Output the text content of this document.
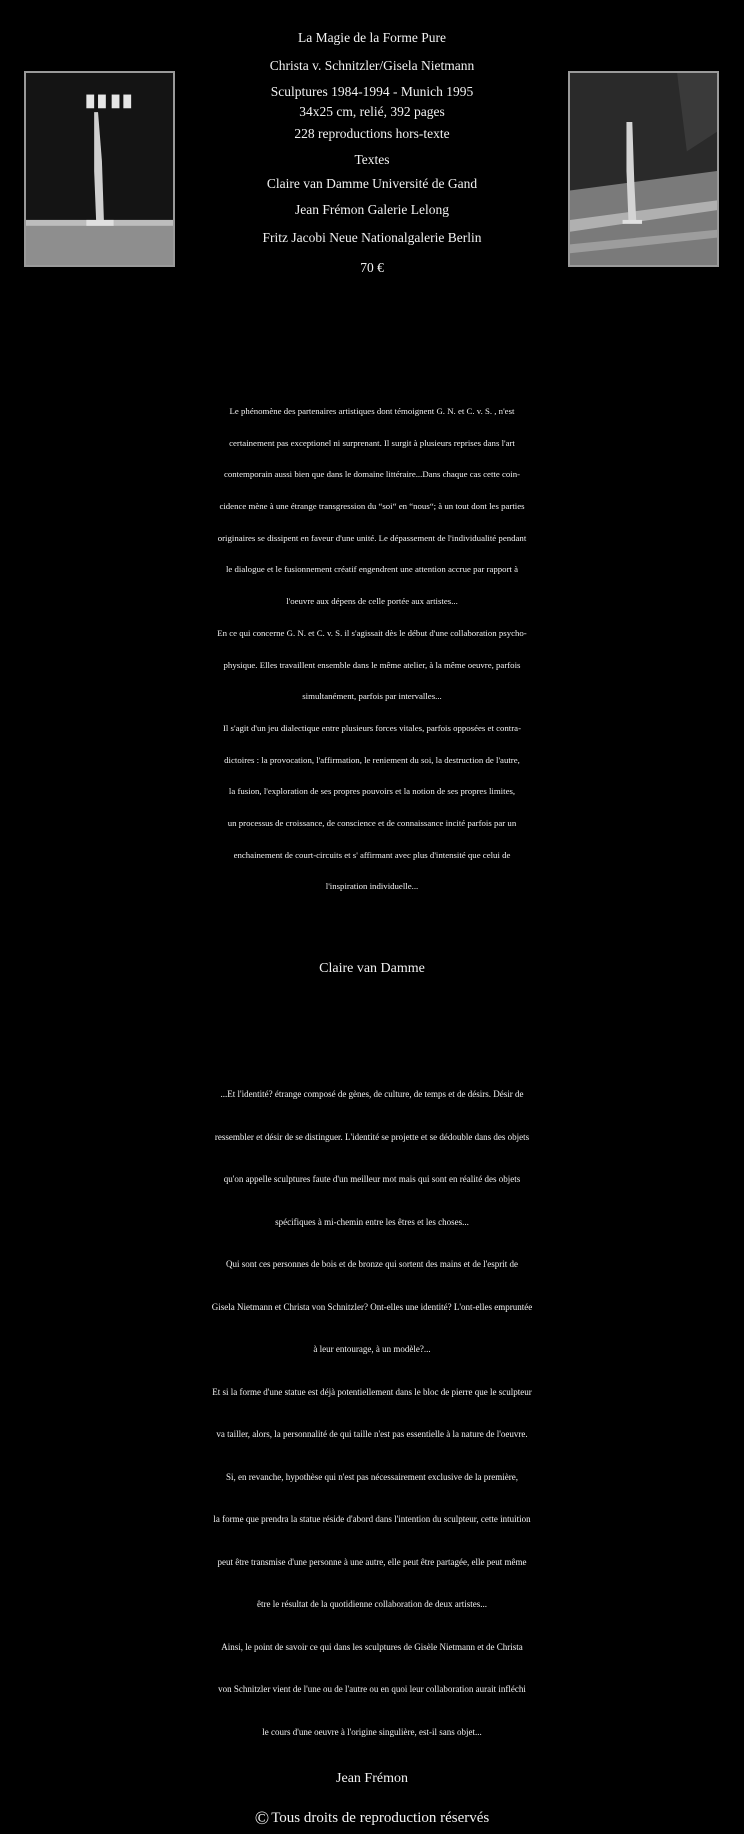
La Magie de la Forme Pure
Christa v. Schnitzler/Gisela Nietmann
Sculptures 1984-1994 - Munich 1995
34x25 cm, relié, 392 pages
228 reproductions hors-texte
Textes
Claire van Damme Université de Gand
Jean Frémon Galerie Lelong
Fritz Jacobi Neue Nationalgalerie Berlin
70 €
Le phénomène des partenaires artistiques dont témoignent G. N. et C. v. S. , n'est
certainement pas exceptionel ni surprenant. Il surgit à plusieurs reprises dans l'art
contemporain aussi bien que dans le domaine littéraire...Dans chaque cas cette coin-
cidence mène à une étrange transgression du “soi“ en “nous“; à un tout dont les parties
originaires se dissipent en faveur d'une unité. Le dépassement de l'individualité pendant
le dialogue et le fusionnement créatif engendrent une attention accrue par rapport à
l'oeuvre aux dépens de celle portée aux artistes...
En ce qui concerne G. N. et C. v. S. il s'agissait dès le début d'une collaboration psycho-
physique. Elles travaillent ensemble dans le même atelier, à la même oeuvre, parfois
simultanément, parfois par intervalles...
Il s'agit d'un jeu dialectique entre plusieurs forces vitales, parfois opposées et contra-
dictoires : la provocation, l'affirmation, le reniement du soi, la destruction de l'autre,
la fusion, l'exploration de ses propres pouvoirs et la notion de ses propres limites,
un processus de croissance, de conscience et de connaissance incité parfois par un
enchainement de court-circuits et s' affirmant avec plus d'intensité que celui de
l'inspiration individuelle...
Claire van Damme
...Et l'identité? étrange composé de gènes, de culture, de temps et de désirs. Désir de
ressembler et désir de se distinguer. L'identité se projette et se dédouble dans des objets
qu'on appelle sculptures faute d'un meilleur mot mais qui sont en réalité des objets
spécifiques à mi-chemin entre les êtres et les choses...
Qui sont ces personnes de bois et de bronze qui sortent des mains et de l'esprit de
Gisela Nietmann et Christa von Schnitzler? Ont-elles une identité? L'ont-elles empruntée
à leur entourage, à un modèle?...
Et si la forme d'une statue est déjà potentiellement dans le bloc de pierre que le sculpteur
va tailler, alors, la personnalité de qui taille n'est pas essentielle à la nature de l'oeuvre.
Si, en revanche, hypothèse qui n'est pas nécessairement exclusive de la première,
la forme que prendra la statue réside d'abord dans l'intention du sculpteur, cette intuition
peut être transmise d'une personne à une autre, elle peut être partagée, elle peut même
être le résultat de la quotidienne collaboration de deux artistes...
Ainsi, le point de savoir ce qui dans les sculptures de Gisèle Nietmann et de Christa
von Schnitzler vient de l'une ou de l'autre ou en quoi leur collaboration aurait infléchi
le cours d'une oeuvre à l'origine singulière, est-il sans objet...
Jean Frémon
© Tous droits de reproduction réservés
